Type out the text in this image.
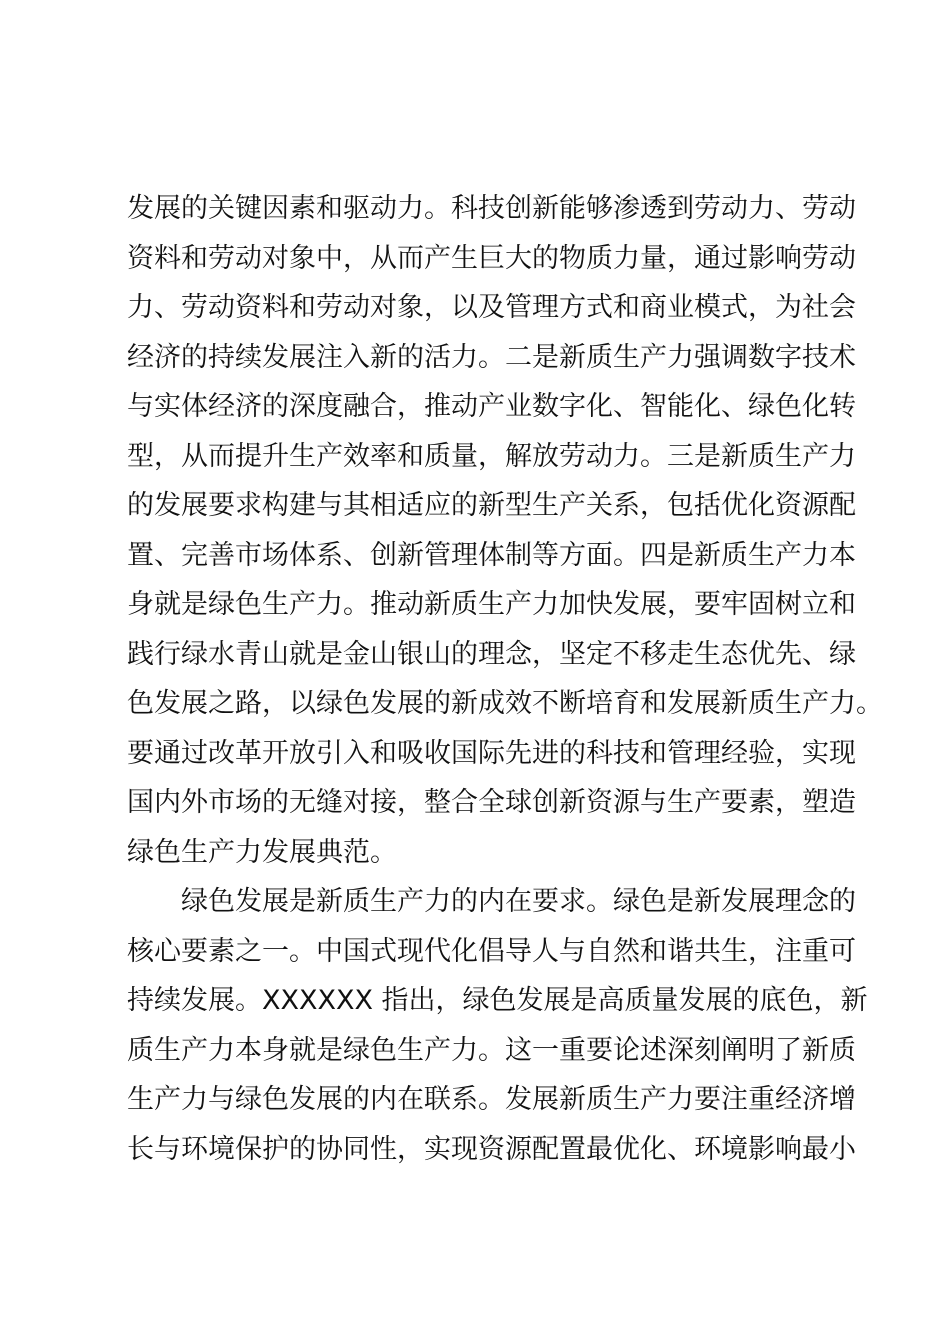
发展的关键因素和驱动力。科技创新能够渗透到劳动力、劳动
资料和劳动对象中，从而产生巨大的物质力量，通过影响劳动
力、劳动资料和劳动对象，以及管理方式和商业模式，为社会
经济的持续发展注入新的活力。二是新质生产力强调数字技术
与实体经济的深度融合，推动产业数字化、智能化、绿色化转
型，从而提升生产效率和质量，解放劳动力。三是新质生产力
的发展要求构建与其相适应的新型生产关系，包括优化资源配
置、完善市场体系、创新管理体制等方面。四是新质生产力本
身就是绿色生产力。推动新质生产力加快发展，要牢固树立和
践行绿水青山就是金山银山的理念，坚定不移走生态优先、绿
色发展之路，以绿色发展的新成效不断培育和发展新质生产力。
要通过改革开放引入和吸收国际先进的科技和管理经验，实现
国内外市场的无缝对接，整合全球创新资源与生产要素，塑造
绿色生产力发展典范。
绿色发展是新质生产力的内在要求。绿色是新发展理念的
核心要素之一。中国式现代化倡导人与自然和谐共生，注重可
持续发展。XXXXXX 指出，绿色发展是高质量发展的底色，新
质生产力本身就是绿色生产力。这一重要论述深刻阐明了新质
生产力与绿色发展的内在联系。发展新质生产力要注重经济增
长与环境保护的协同性，实现资源配置最优化、环境影响最小
